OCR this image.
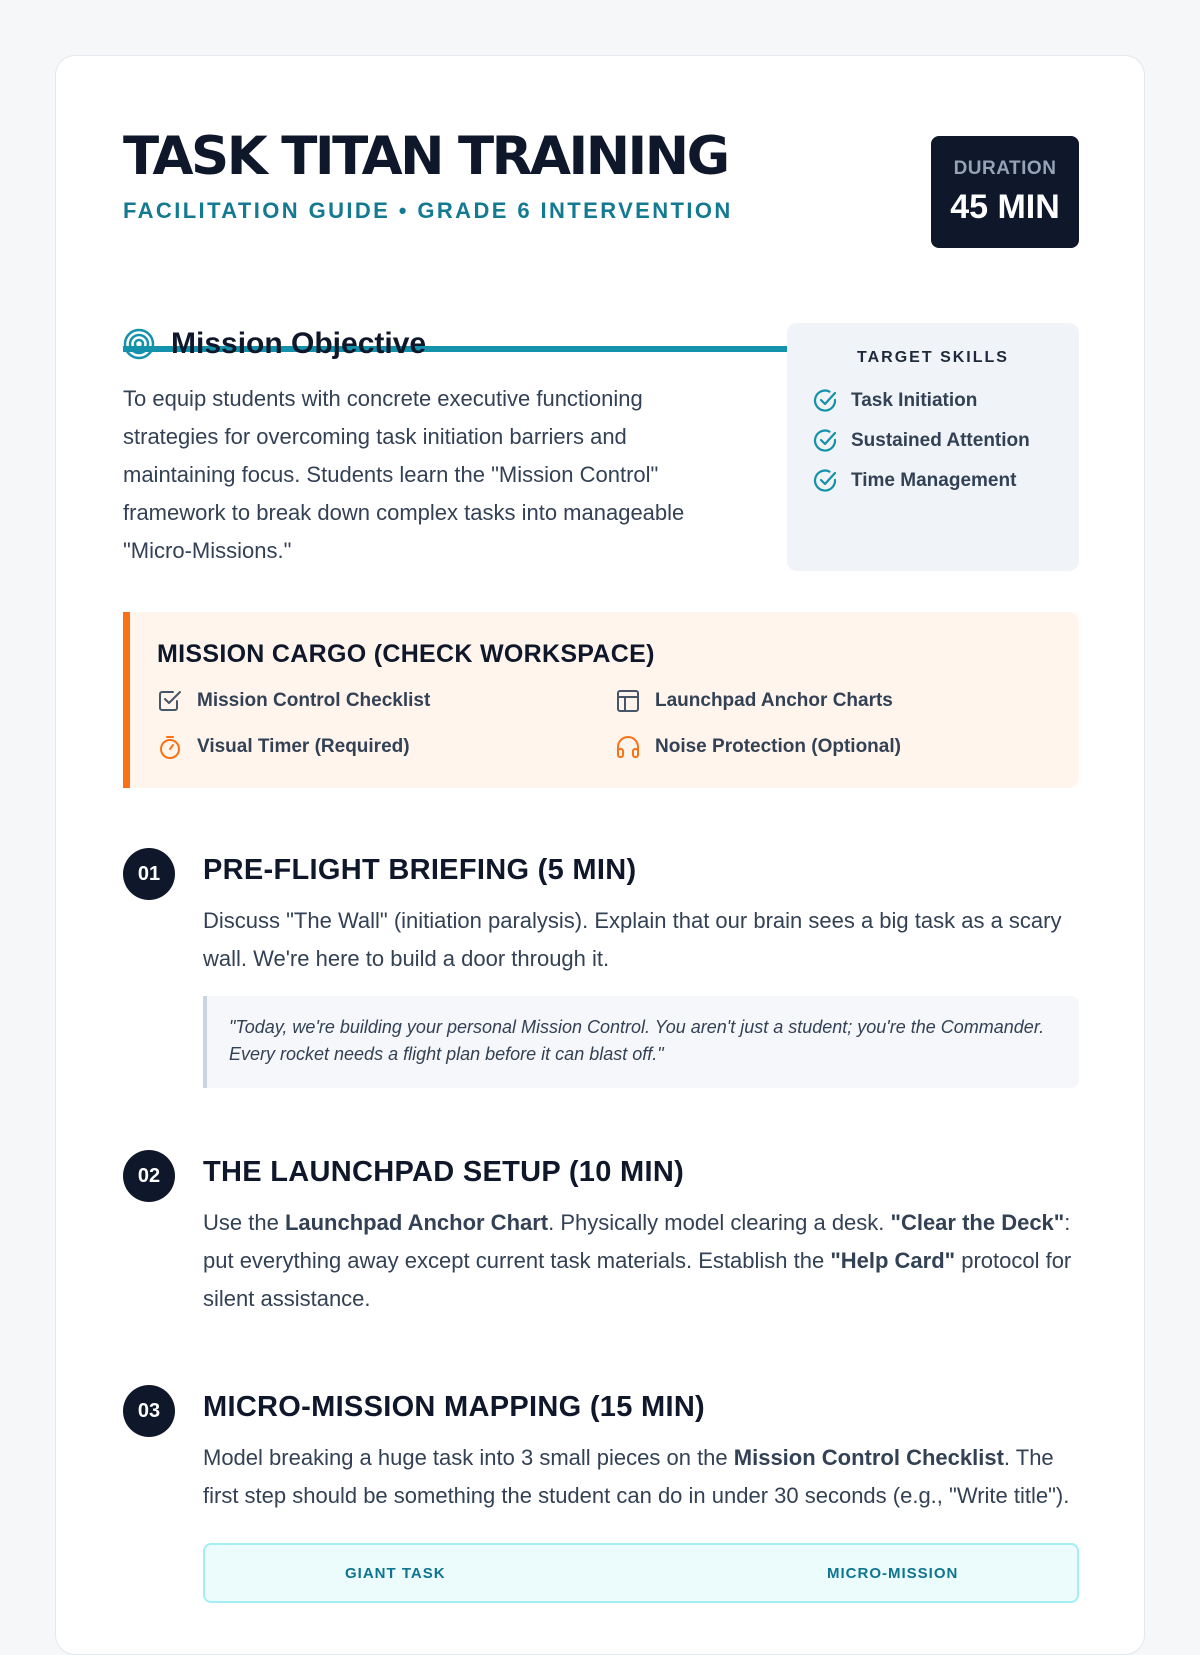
TASK TITAN TRAINING
FACILITATION GUIDE • GRADE 6 INTERVENTION
DURATION
45 MIN
Mission Objective

To equip students with concrete executive functioning strategies for overcoming task initiation barriers and maintaining focus. Students learn the "Mission Control" framework to break down complex tasks into manageable "Micro-Missions."

TARGET SKILLS
Task Initiation
Sustained Attention
Time Management
MISSION CARGO (CHECK WORKSPACE)
Mission Control Checklist	Launchpad Anchor Charts
Visual Timer (Required)	Noise Protection (Optional)
01	PRE-FLIGHT BRIEFING (5 MIN)

Discuss "The Wall" (initiation paralysis). Explain that our brain sees a big task as a scary wall. We're here to build a door through it.

"Today, we're building your personal Mission Control. You aren't just a student; you're the Commander. Every rocket needs a flight plan before it can blast off."
02	THE LAUNCHPAD SETUP (10 MIN)

Use the Launchpad Anchor Chart. Physically model clearing a desk. "Clear the Deck": put everything away except current task materials. Establish the "Help Card" protocol for silent assistance.

03	MICRO-MISSION MAPPING (15 MIN)

Model breaking a huge task into 3 small pieces on the Mission Control Checklist. The first step should be something the student can do in under 30 seconds (e.g., "Write title").

GIANT TASK	MICRO-MISSION
